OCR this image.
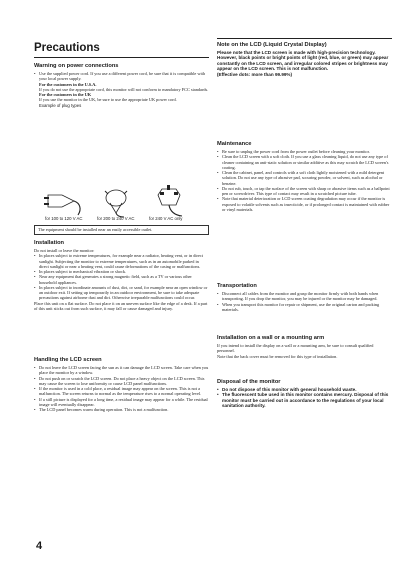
Precautions

Warning on power connections

• Use the supplied power cord. If you use a different power cord, be sure that it is compatible with your local power supply.

For the customers in the U.S.A.

If you do not use the appropriate cord, this monitor will not conform to mandatory FCC standards.

For the customers in the UK

If you use the monitor in the UK, be sure to use the appropriate UK power cord.

Example of plug types

for 100 to 120 V AC	for 200 to 240 V AC	for 240 V AC only
The equipment should be installed near an easily accessible outlet.

Installation

Do not install or leave the monitor:

• In places subject to extreme temperatures, for example near a radiator, heating vent, or in direct sunlight. Subjecting the monitor to extreme temperatures, such as in an automobile parked in direct sunlight or near a heating vent, could cause deformations of the casing or malfunctions.

• In places subject to mechanical vibration or shock.

• Near any equipment that generates a strong magnetic field, such as a TV or various other household appliances.

• In places subject to inordinate amounts of dust, dirt, or sand, for example near an open window or an outdoor exit. If setting up temporarily in an outdoor environment, be sure to take adequate precautions against airborne dust and dirt. Otherwise irreparable malfunctions could occur.

Place this unit on a flat surface. Do not place it on an uneven surface like the edge of a desk. If a part of this unit sticks out from such surface, it may fall or cause damaged and injury.

Handling the LCD screen

• Do not leave the LCD screen facing the sun as it can damage the LCD screen. Take care when you place the monitor by a window.

• Do not push on or scratch the LCD screen. Do not place a heavy object on the LCD screen. This may cause the screen to lose uniformity or cause LCD panel malfunctions.

• If the monitor is used in a cold place, a residual image may appear on the screen. This is not a malfunction. The screen returns to normal as the temperature rises to a normal operating level.

• If a still picture is displayed for a long time, a residual image may appear for a while. The residual image will eventually disappear.

• The LCD panel becomes warm during operation. This is not a malfunction.

Note on the LCD (Liquid Crystal Display)

Please note that the LCD screen is made with high-precision technology. However, black points or bright points of light (red, blue, or green) may appear constantly on the LCD screen, and irregular colored stripes or brightness may appear on the LCD screen. This is not malfunction.

(Effective dots: more than 99.99%)

Maintenance

• Be sure to unplug the power cord from the power outlet before cleaning your monitor.

• Clean the LCD screen with a soft cloth. If you use a glass cleaning liquid, do not use any type of cleaner containing an anti-static solution or similar additive as this may scratch the LCD screen's coating.

• Clean the cabinet, panel, and controls with a soft cloth lightly moistened with a mild detergent solution. Do not use any type of abrasive pad, scouring powder, or solvent, such as alcohol or benzine.

• Do not rub, touch, or tap the surface of the screen with sharp or abrasive items such as a ballpoint pen or screwdriver. This type of contact may result in a scratched picture tube.

• Note that material deterioration or LCD screen coating degradation may occur if the monitor is exposed to volatile solvents such as insecticide, or if prolonged contact is maintained with rubber or vinyl materials.

Transportation

• Disconnect all cables from the monitor and grasp the monitor firmly with both hands when transporting. If you drop the monitor, you may be injured or the monitor may be damaged.

• When you transport this monitor for repair or shipment, use the original carton and packing materials.

Installation on a wall or a mounting arm

If you intend to install the display on a wall or a mounting arm, be sure to consult qualified personnel.

Note that the back cover must be removed for this type of installation.

Disposal of the monitor

• Do not dispose of this monitor with general household waste.

• The fluorescent tube used in this monitor contains mercury. Disposal of this monitor must be carried out in accordance to the regulations of your local sanitation authority.

4
